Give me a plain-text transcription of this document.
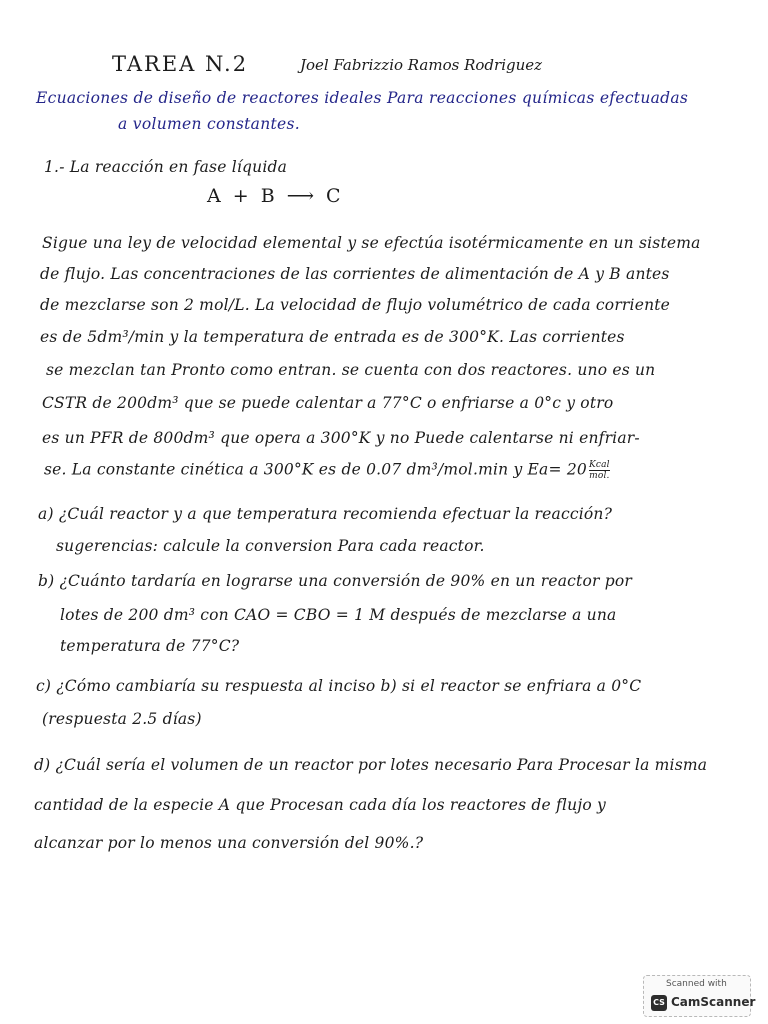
TAREA N.2	Joel Fabrizzio Ramos Rodriguez
Ecuaciones de diseño de reactores ideales Para reacciones químicas efectuadas
a volumen constantes.
1.- La reacción en fase líquida
A + B ⟶ C
Sigue una ley de velocidad elemental y se efectúa isotérmicamente en un sistema
de flujo. Las concentraciones de las corrientes de alimentación de A y B antes
de mezclarse son 2 mol/L. La velocidad de flujo volumétrico de cada corriente
es de 5dm³/min y la temperatura de entrada es de 300°K. Las corrientes
se mezclan tan Pronto como entran. se cuenta con dos reactores. uno es un
CSTR de 200dm³ que se puede calentar a 77°C o enfriarse a 0°c y otro
es un PFR de 800dm³ que opera a 300°K y no Puede calentarse ni enfriar-
se. La constante cinética a 300°K es de 0.07 dm³/mol.min y $Ea= 20 \frac{\text{Kcal}}{\text{mol.}}$
a) ¿Cuál reactor y a que temperatura recomienda efectuar la reacción?
sugerencias: calcule la conversion Para cada reactor.
b) ¿Cuánto tardaría en lograrse una conversión de 90% en un reactor por
lotes de 200 dm³ con CAO = CBO = 1 M después de mezclarse a una
temperatura de 77°C?
c) ¿Cómo cambiaría su respuesta al inciso b) si el reactor se enfriara a 0°C
(respuesta 2.5 días)
d) ¿Cuál sería el volumen de un reactor por lotes necesario Para Procesar la misma
cantidad de la especie A que Procesan cada día los reactores de flujo y
alcanzar por lo menos una conversión del 90%.?
Scanned with
CS CamScanner
